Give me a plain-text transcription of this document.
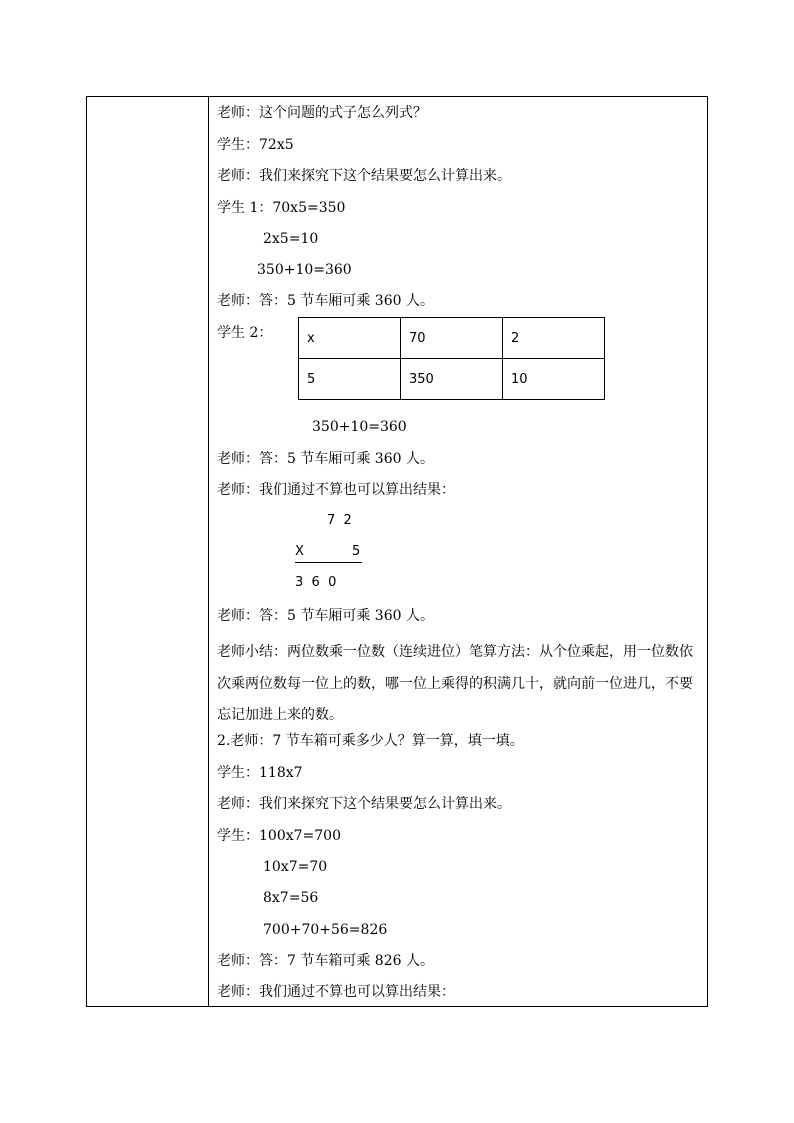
老师：这个问题的式子怎么列式？
学生：72x5
老师：我们来探究下这个结果要怎么计算出来。
学生 1：70x5=350
2x5=10
350+10=360
老师：答：5 节车厢可乘 360 人。
学生 2：	x	70	2
5	350	10
350+10=360
老师：答：5 节车厢可乘 360 人。
老师：我们通过不算也可以算出结果：
7  2
X	5
3  6  0
老师：答：5 节车厢可乘 360 人。
老师小结：两位数乘一位数（连续进位）笔算方法：从个位乘起，用一位数依次乘两位数每一位上的数，哪一位上乘得的积满几十，就向前一位进几，不要忘记加进上来的数。
2.老师：7 节车箱可乘多少人？算一算，填一填。
学生：118x7
老师：我们来探究下这个结果要怎么计算出来。
学生：100x7=700
10x7=70
8x7=56
700+70+56=826
老师：答：7 节车箱可乘 826 人。
老师：我们通过不算也可以算出结果：
